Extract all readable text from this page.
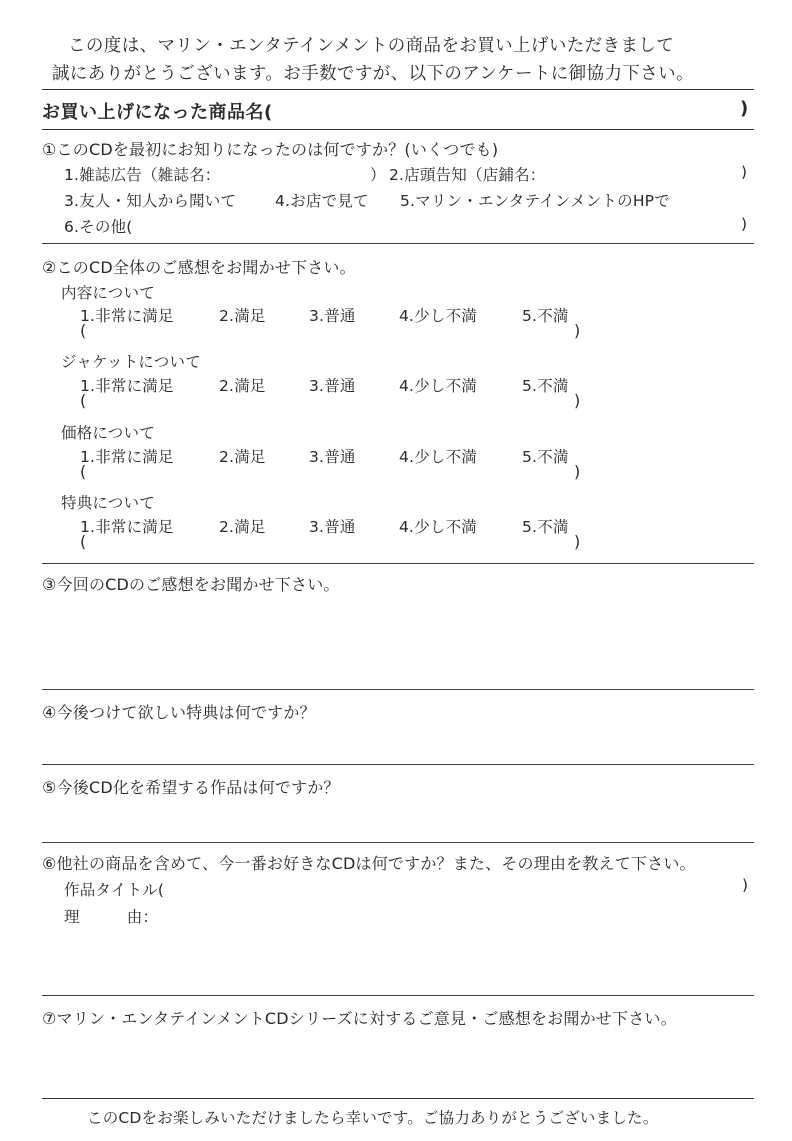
この度は、マリン・エンタテインメントの商品をお買い上げいただきまして
誠にありがとうございます。お手数ですが、以下のアンケートに御協力下さい。
お買い上げになった商品名(	)
①このCDを最初にお知りになったのは何ですか？(いくつでも)
1.雑誌広告（雑誌名：	） 2.店頭告知（店鋪名：	)
3.友人・知人から聞いて	4.お店で見て 5.マリン・エンタテインメントのHPで
6.その他(	)
②このCD全体のご感想をお聞かせ下さい。
内容について
1.非常に満足	2.満足	3.普通	4.少し不満	5.不満
(	)
ジャケットについて
1.非常に満足	2.満足	3.普通	4.少し不満	5.不満
(	)
価格について
1.非常に満足	2.満足	3.普通	4.少し不満	5.不満
(	)
特典について
1.非常に満足	2.満足	3.普通	4.少し不満	5.不満
(	)
③今回のCDのご感想をお聞かせ下さい。
④今後つけて欲しい特典は何ですか？
⑤今後CD化を希望する作品は何ですか？
⑥他社の商品を含めて、今一番お好きなCDは何ですか？また、その理由を教えて下さい。
作品タイトル(	)
理　　　由：
⑦マリン・エンタテインメントCDシリーズに対するご意見・ご感想をお聞かせ下さい。
このCDをお楽しみいただけましたら幸いです。ご協力ありがとうございました。
